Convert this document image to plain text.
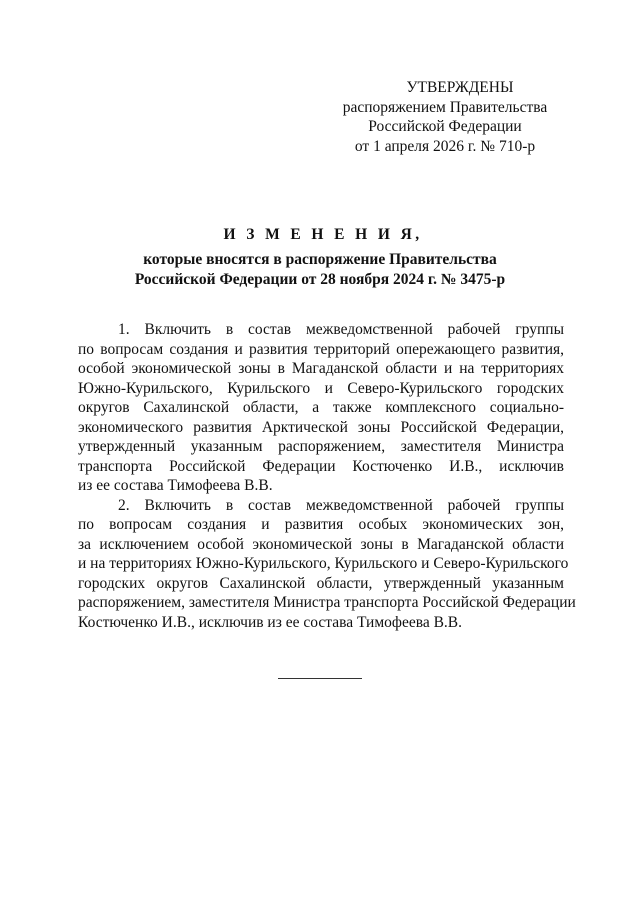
УТВЕРЖДЕНЫ
распоряжением Правительства
Российской Федерации
от 1 апреля 2026 г. № 710-р
И З М Е Н Е Н И Я,
которые вносятся в распоряжение Правительства
Российской Федерации от 28 ноября 2024 г. № 3475-р
1. Включить в состав межведомственной рабочей группы
по вопросам создания и развития территорий опережающего развития,
особой экономической зоны в Магаданской области и на территориях
Южно-Курильского, Курильского и Северо-Курильского городских
округов Сахалинской области, а также комплексного социально-
экономического развития Арктической зоны Российской Федерации,
утвержденный указанным распоряжением, заместителя Министра
транспорта Российской Федерации Костюченко И.В., исключив
из ее состава Тимофеева В.В.
2. Включить в состав межведомственной рабочей группы
по вопросам создания и развития особых экономических зон,
за исключением особой экономической зоны в Магаданской области
и на территориях Южно-Курильского, Курильского и Северо-Курильского
городских округов Сахалинской области, утвержденный указанным
распоряжением, заместителя Министра транспорта Российской Федерации
Костюченко И.В., исключив из ее состава Тимофеева В.В.
